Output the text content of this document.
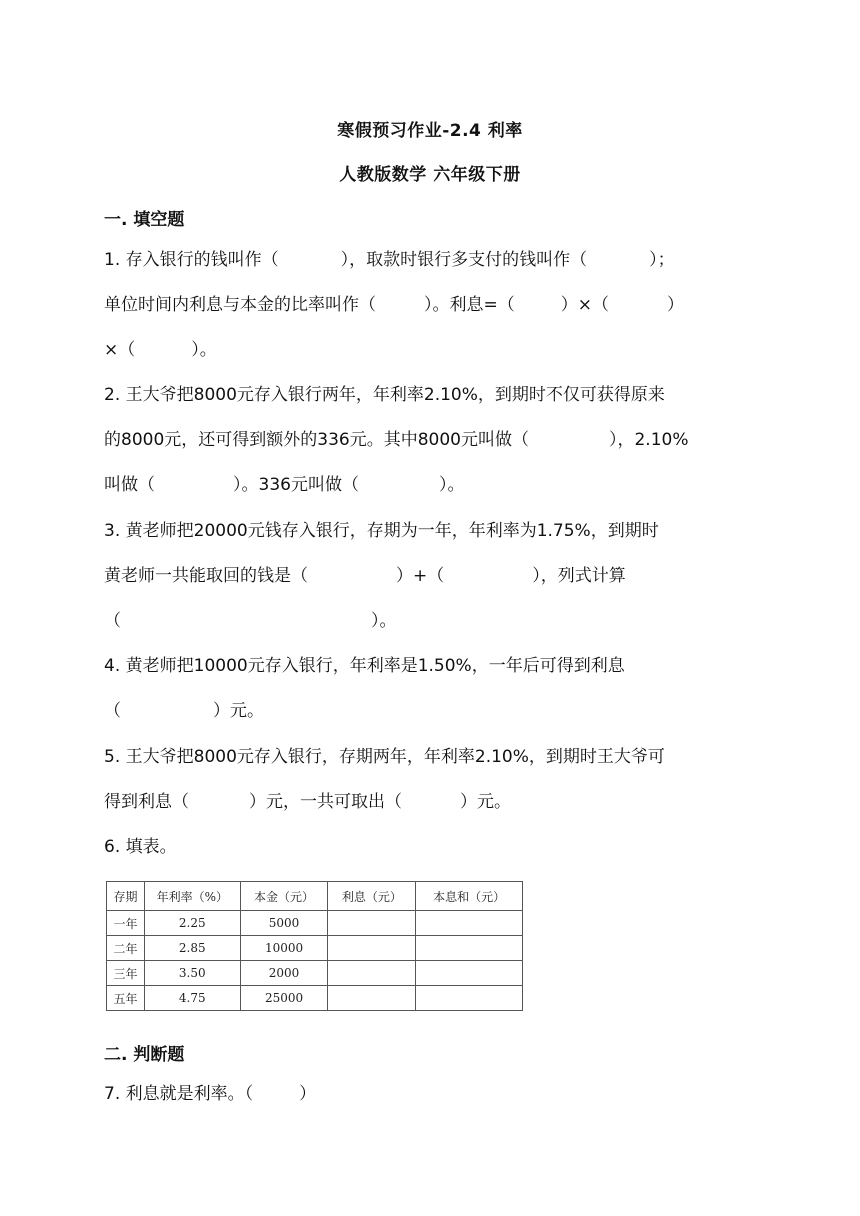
寒假预习作业-2.4 利率
人教版数学 六年级下册
一. 填空题
1. 存入银行的钱叫作（	），取款时银行多支付的钱叫作（	）；
单位时间内利息与本金的比率叫作（	）。利息=（	）×（	）
×（	）。
2. 王大爷把8000元存入银行两年，年利率2.10%，到期时不仅可获得原来
的8000元，还可得到额外的336元。其中8000元叫做（	），2.10%
叫做（	）。336元叫做（	）。
3. 黄老师把20000元钱存入银行，存期为一年，年利率为1.75%，到期时
黄老师一共能取回的钱是（	）+（	），列式计算
（	）。
4. 黄老师把10000元存入银行，年利率是1.50%，一年后可得到利息
（	）元。
5. 王大爷把8000元存入银行，存期两年，年利率2.10%，到期时王大爷可
得到利息（	）元，一共可取出（	）元。
6. 填表。
存期	年利率（%）	本金（元）	利息（元）	本息和（元）
一年	2.25	5000		
二年	2.85	10000		
三年	3.50	2000		
五年	4.75	25000		
二. 判断题
7. 利息就是利率。（	）
